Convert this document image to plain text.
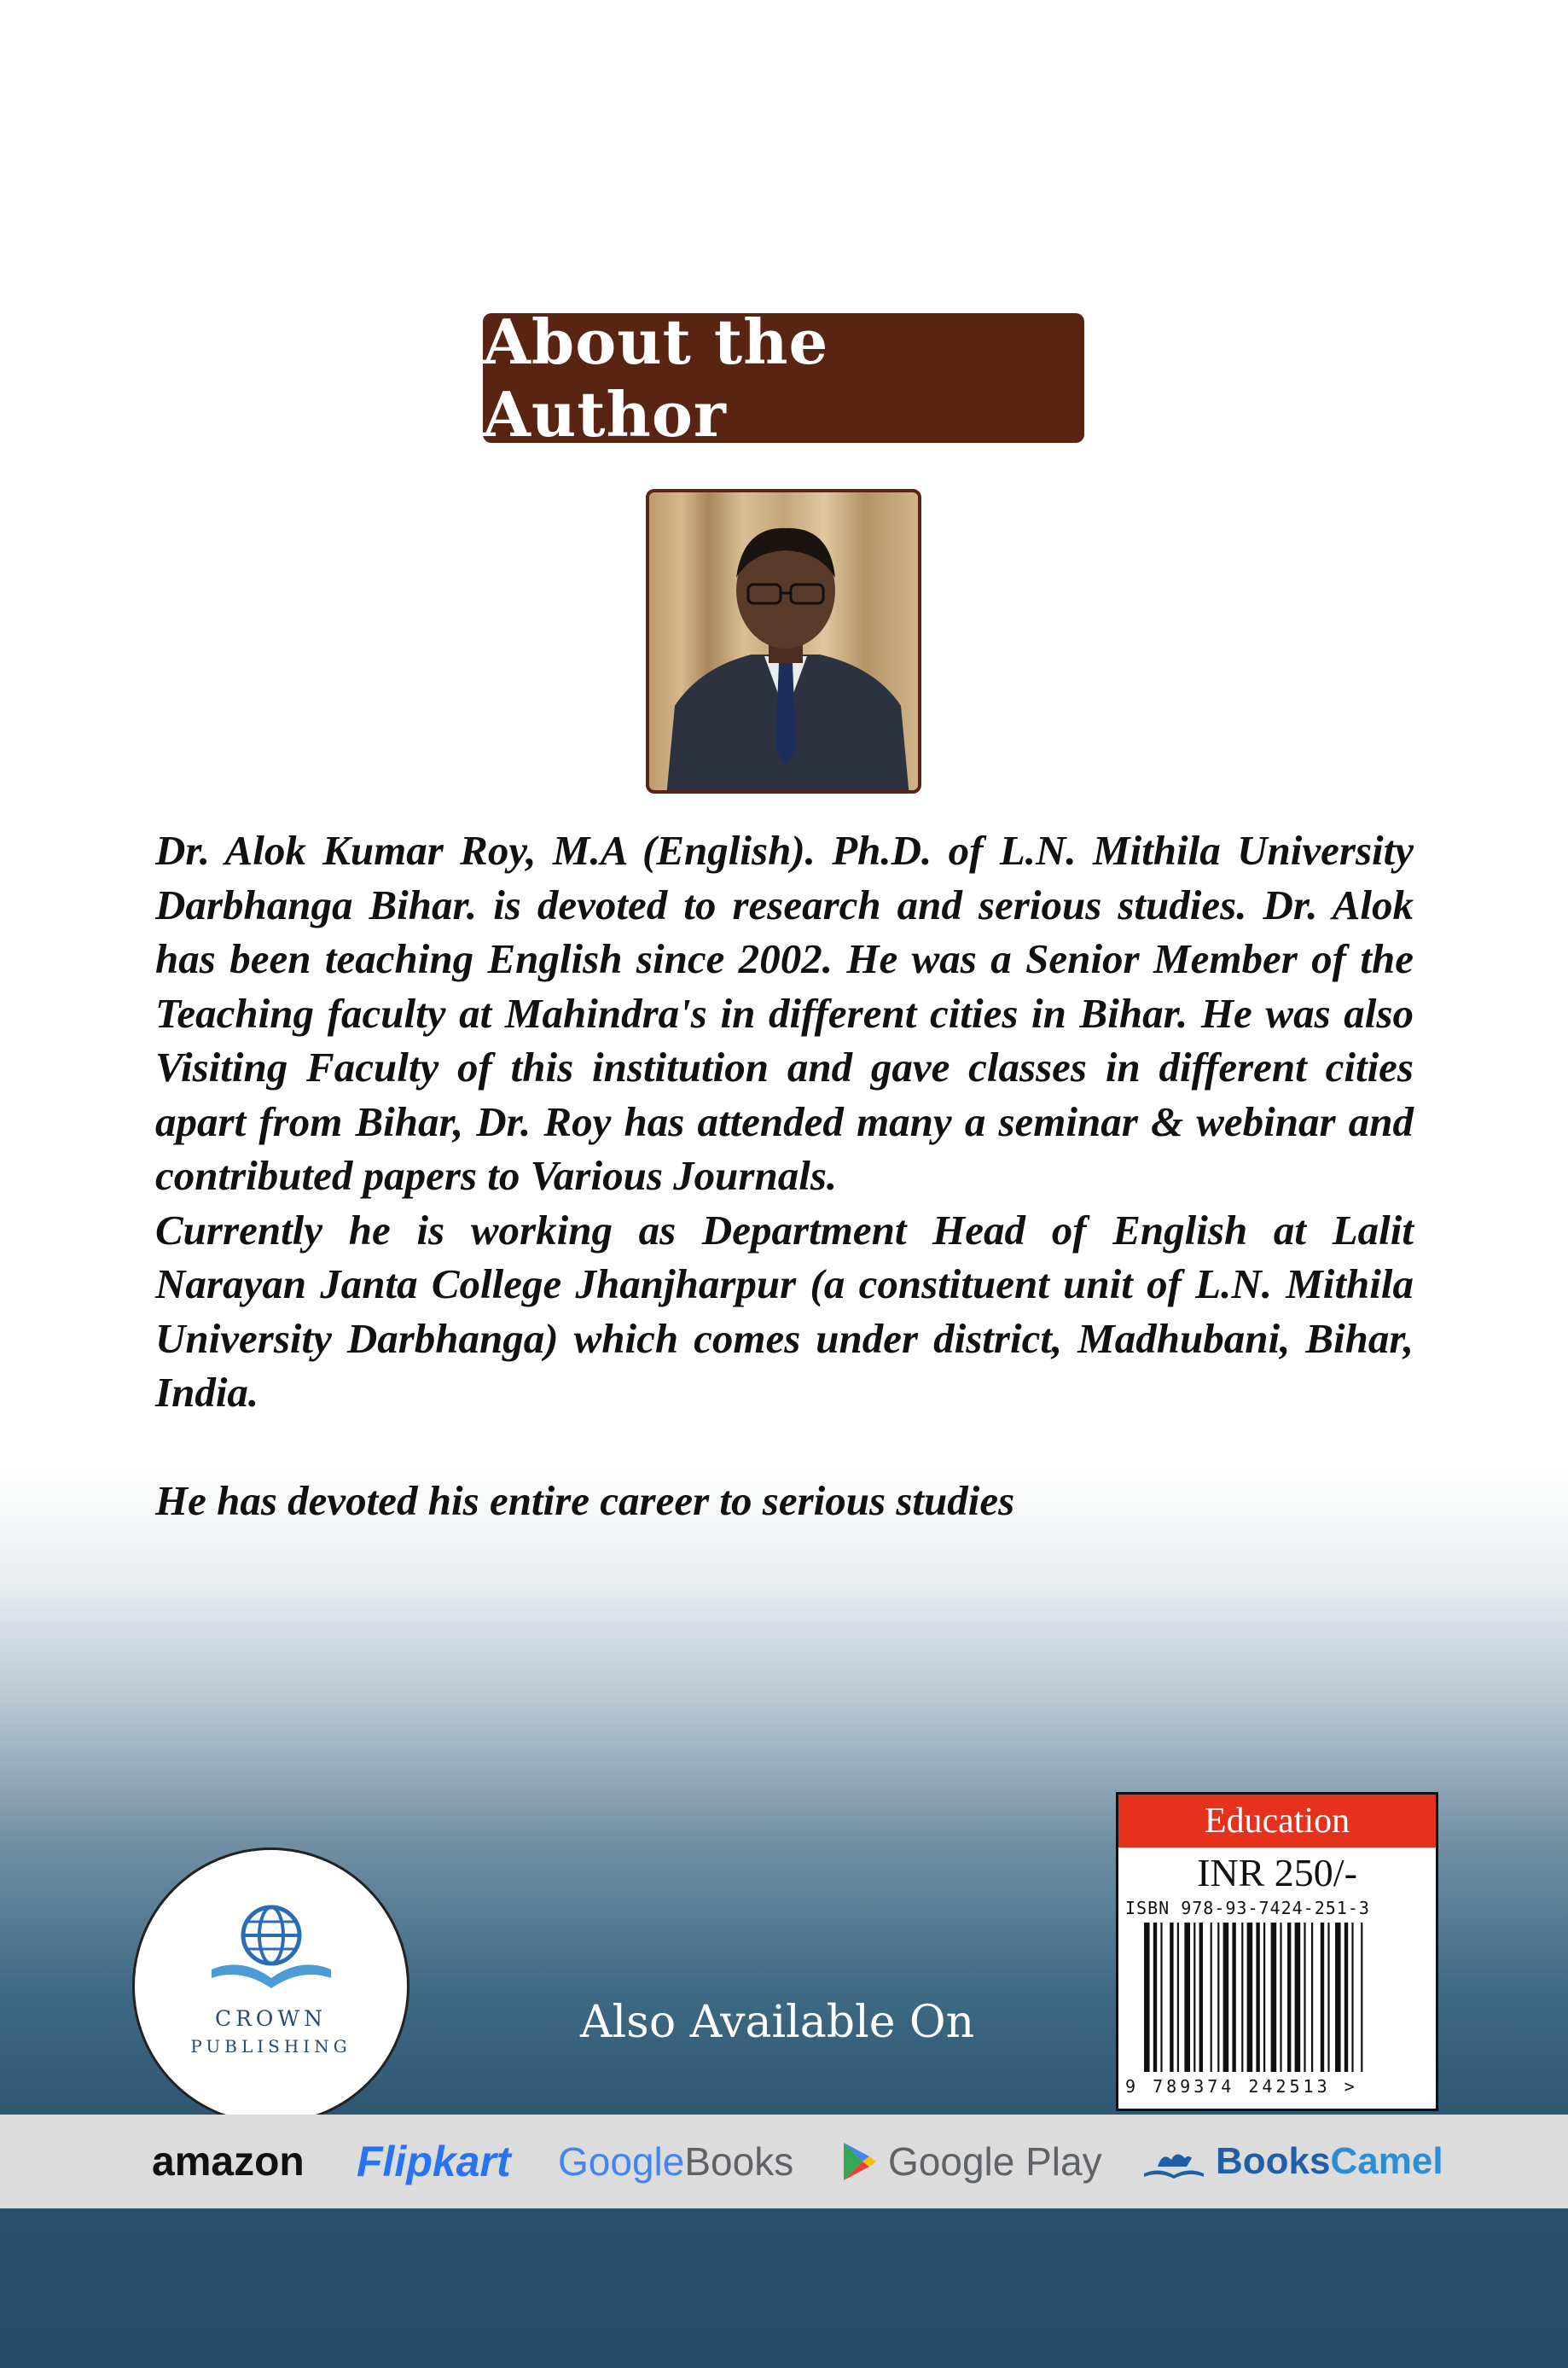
About the Author

Dr. Alok Kumar Roy, M.A (English). Ph.D. of L.N. Mithila University Darbhanga Bihar. is devoted to research and serious studies. Dr. Alok has been teaching English since 2002. He was a Senior Member of the Teaching faculty at Mahindra's in different cities in Bihar. He was also Visiting Faculty of this institution and gave classes in different cities apart from Bihar, Dr. Roy has attended many a seminar & webinar and contributed papers to Various Journals.

Currently he is working as Department Head of English at Lalit Narayan Janta College Jhanjharpur (a constituent unit of L.N. Mithila University Darbhanga) which comes under district, Madhubani, Bihar, India.

He has devoted his entire career to serious studies

CROWN
PUBLISHING	Also Available On
Education
INR 250/-
ISBN 978-93-7424-251-3
9 789374 242513 >
amazon Flipkart Google Books Google Play	Books Camel
